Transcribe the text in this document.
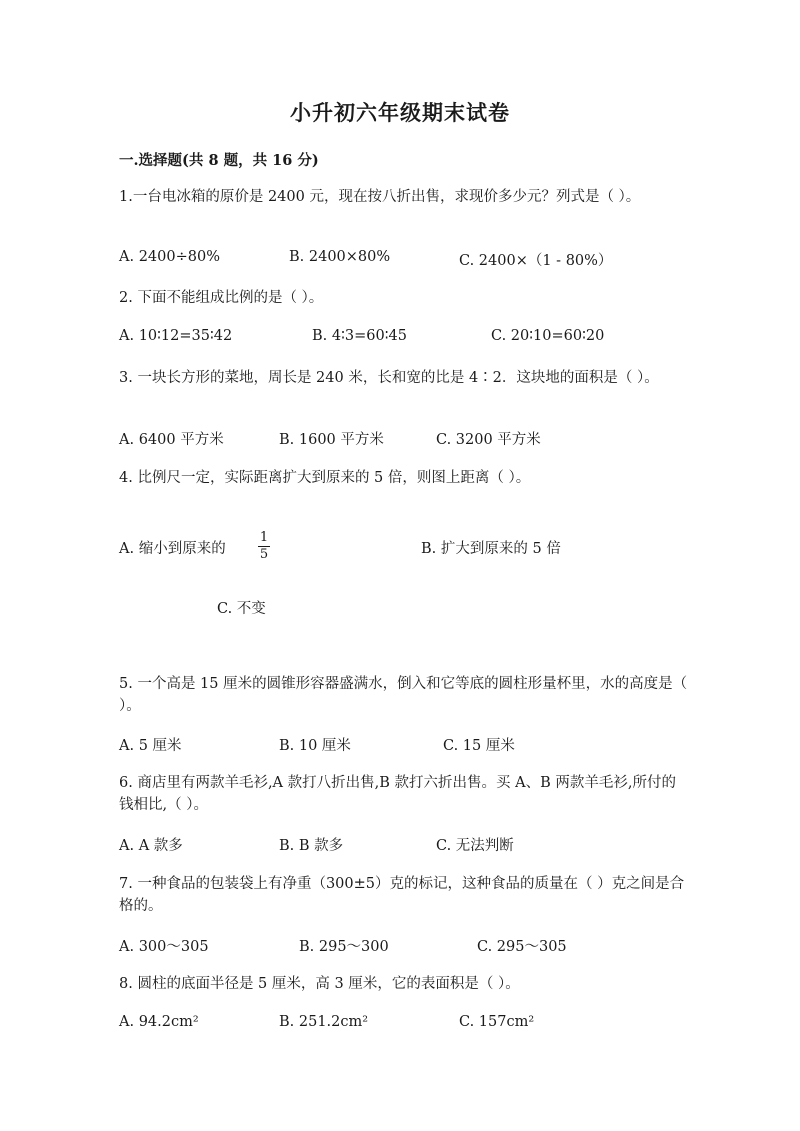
小升初六年级期末试卷
一.选择题(共 8 题，共 16 分)
1.一台电冰箱的原价是 2400 元，现在按八折出售，求现价多少元？列式是（ ）。
A. 2400÷80%	B. 2400×80%	C. 2400×（1 - 80%）
2. 下面不能组成比例的是（ ）。
A. 10∶12=35∶42	B. 4∶3=60∶45	C. 20∶10=60∶20
3. 一块长方形的菜地，周长是 240 米，长和宽的比是 4∶2．这块地的面积是（ ）。
A. 6400 平方米	B. 1600 平方米	C. 3200 平方米
4. 比例尺一定，实际距离扩大到原来的 5 倍，则图上距离（ ）。
A. 缩小到原来的
1
5	B. 扩大到原来的 5 倍
C. 不变
5. 一个高是 15 厘米的圆锥形容器盛满水，倒入和它等底的圆柱形量杯里，水的高度是（ ）。
A. 5 厘米	B. 10 厘米	C. 15 厘米
6. 商店里有两款羊毛衫,A 款打八折出售,B 款打六折出售。买 A、B 两款羊毛衫,所付的钱相比,（ ）。
A. A 款多	B. B 款多	C. 无法判断
7. 一种食品的包装袋上有净重（300±5）克的标记，这种食品的质量在（ ）克之间是合格的。
A. 300～305	B. 295～300	C. 295～305
8. 圆柱的底面半径是 5 厘米，高 3 厘米，它的表面积是（ ）。
A. 94.2cm²	B. 251.2cm²	C. 157cm²
